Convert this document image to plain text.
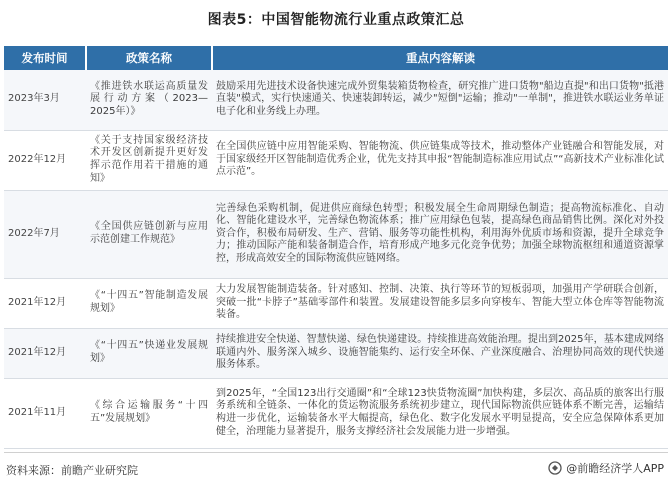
图表5：中国智能物流行业重点政策汇总
发布时间	政策名称	重点内容解读
2023年3月	《推进铁水联运高质量发展行动方案（2023—2025年）》	鼓励采用先进技术设备快速完成外贸集装箱货物检查，研究推广进口货物"船边直提"和出口货物"抵港直装"模式，实行快速通关、快速装卸转运，减少"短倒"运输；推动"一单制"，推进铁水联运业务单证电子化和业务线上办理。
2022年12月	《关于支持国家级经济技术开发区创新提升更好发挥示范作用若干措施的通知》	在全国供应链中应用智能采购、智能物流、供应链集成等技术，推动整体产业链融合和智能发展，对于国家级经开区智能制造优秀企业，优先支持其申报“智能制造标准应用试点”“高新技术产业标准化试点示范”。
2022年7月	《全国供应链创新与应用示范创建工作规范》	完善绿色采购机制，促进供应商绿色转型；积极发展全生命周期绿色制造；提高物流标准化、自动化、智能化建设水平，完善绿色物流体系；推广应用绿色包装，提高绿色商品销售比例。深化对外投资合作，积极布局研发、生产、营销、服务等功能性机构，利用海外优质市场和资源，提升全球竞争力；推动国际产能和装备制造合作，培育形成产地多元化竞争优势；加强全球物流枢纽和通道资源掌控，形成高效安全的国际物流供应链网络。
2021年12月	《“十四五”智能制造发展规划》	大力发展智能制造装备。针对感知、控制、决策、执行等环节的短板弱项，加强用产学研联合创新，突破一批“卡脖子”基础零部件和装置。发展建设智能多层多向穿梭车、智能大型立体仓库等智能物流装备。
2021年12月	《“十四五”快递业发展规划》	持续推进安全快递、智慧快递、绿色快递建设。持续推进高效能治理。提出到2025年，基本建成网络联通内外、服务深入城乡、设施智能集约、运行安全环保、产业深度融合、治理协同高效的现代快递服务体系。
2021年11月	《综合运输服务“十四五”发展规划》	到2025年，“全国123出行交通圈”和“全球123快货物流圈”加快构建，多层次、高品质的旅客出行服务系统和全链条、一体化的货运物流服务系统初步建立，现代国际物流供应链体系不断完善，运输结构进一步优化，运输装备水平大幅提高，绿色化、数字化发展水平明显提高，安全应急保障体系更加健全，治理能力显著提升，服务支撑经济社会发展能力进一步增强。
资料来源：前瞻产业研究院	@前瞻经济学人APP
